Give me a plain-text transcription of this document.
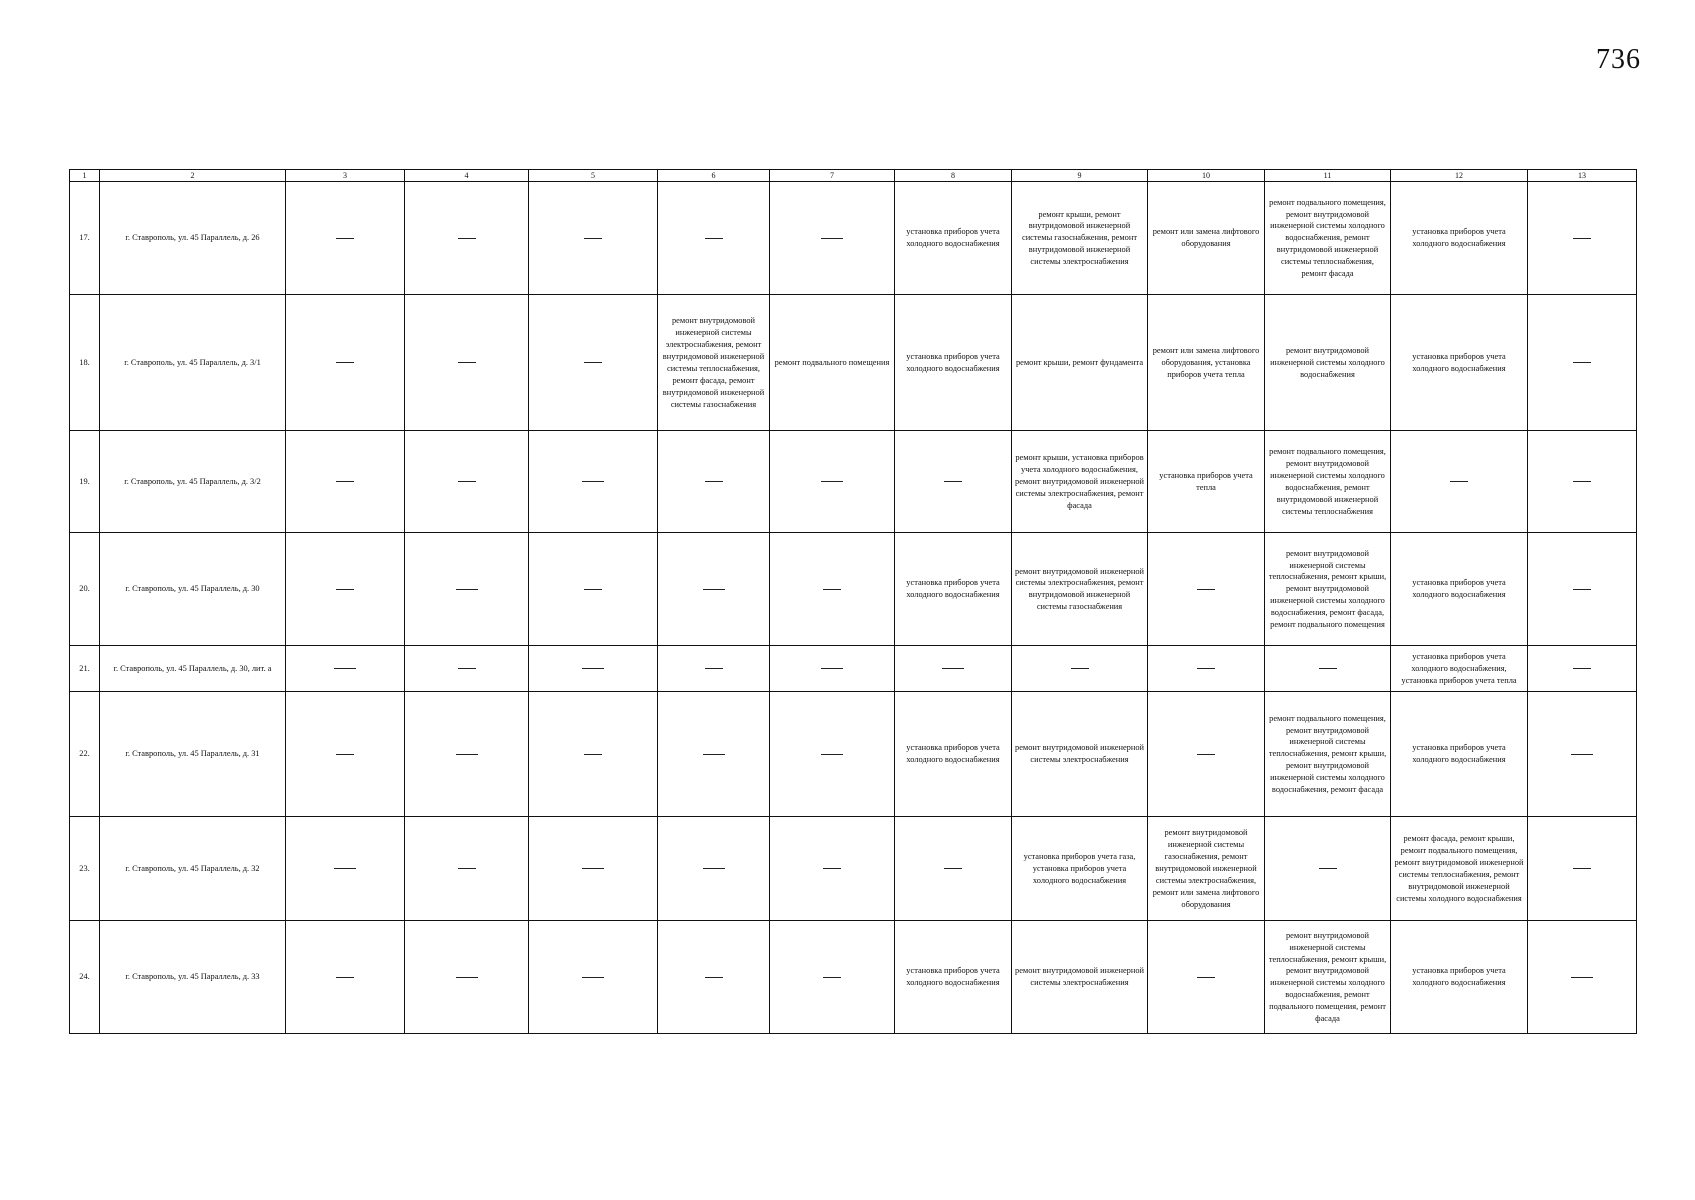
736
1	2	3	4	5	6	7	8	9	10	11	12	13
17.	г. Ставрополь, ул. 45 Параллель, д. 26						установка приборов учета холодного водоснабжения	ремонт крыши, ремонт внутридомовой инженерной системы газоснабжения, ремонт внутридомовой инженерной системы электроснабжения	ремонт или замена лифтового оборудования	ремонт подвального помещения, ремонт внутридомовой инженерной системы холодного водоснабжения, ремонт внутридомовой инженерной системы теплоснабжения, ремонт фасада	установка приборов учета холодного водоснабжения	

18.	г. Ставрополь, ул. 45 Параллель, д. 3/1				ремонт внутридомовой инженерной системы электроснабжения, ремонт внутридомовой инженерной системы теплоснабжения, ремонт фасада, ремонт внутридомовой инженерной системы газоснабжения	ремонт подвального помещения	установка приборов учета холодного водоснабжения	ремонт крыши, ремонт фундамента	ремонт или замена лифтового оборудования, установка приборов учета тепла	ремонт внутридомовой инженерной системы холодного водоснабжения	установка приборов учета холодного водоснабжения	

19.	г. Ставрополь, ул. 45 Параллель, д. 3/2							ремонт крыши, установка приборов учета холодного водоснабжения, ремонт внутридомовой инженерной системы электроснабжения, ремонт фасада	установка приборов учета тепла	ремонт подвального помещения, ремонт внутридомовой инженерной системы холодного водоснабжения, ремонт внутридомовой инженерной системы теплоснабжения		

20.	г. Ставрополь, ул. 45 Параллель, д. 30						установка приборов учета холодного водоснабжения	ремонт внутридомовой инженерной системы электроснабжения, ремонт внутридомовой инженерной системы газоснабжения		ремонт внутридомовой инженерной системы теплоснабжения, ремонт крыши, ремонт внутридомовой инженерной системы холодного водоснабжения, ремонт фасада, ремонт подвального помещения	установка приборов учета холодного водоснабжения	

21.	г. Ставрополь, ул. 45 Параллель, д. 30, лит. а										установка приборов учета холодного водоснабжения, установка приборов учета тепла	

22.	г. Ставрополь, ул. 45 Параллель, д. 31						установка приборов учета холодного водоснабжения	ремонт внутридомовой инженерной системы электроснабжения		ремонт подвального помещения, ремонт внутридомовой инженерной системы теплоснабжения, ремонт крыши, ремонт внутридомовой инженерной системы холодного водоснабжения, ремонт фасада	установка приборов учета холодного водоснабжения	

23.	г. Ставрополь, ул. 45 Параллель, д. 32							установка приборов учета газа, установка приборов учета холодного водоснабжения	ремонт внутридомовой инженерной системы газоснабжения, ремонт внутридомовой инженерной системы электроснабжения, ремонт или замена лифтового оборудования		ремонт фасада, ремонт крыши, ремонт подвального помещения, ремонт внутридомовой инженерной системы теплоснабжения, ремонт внутридомовой инженерной системы холодного водоснабжения	

24.	г. Ставрополь, ул. 45 Параллель, д. 33						установка приборов учета холодного водоснабжения	ремонт внутридомовой инженерной системы электроснабжения		ремонт внутридомовой инженерной системы теплоснабжения, ремонт крыши, ремонт внутридомовой инженерной системы холодного водоснабжения, ремонт подвального помещения, ремонт фасада	установка приборов учета холодного водоснабжения	
